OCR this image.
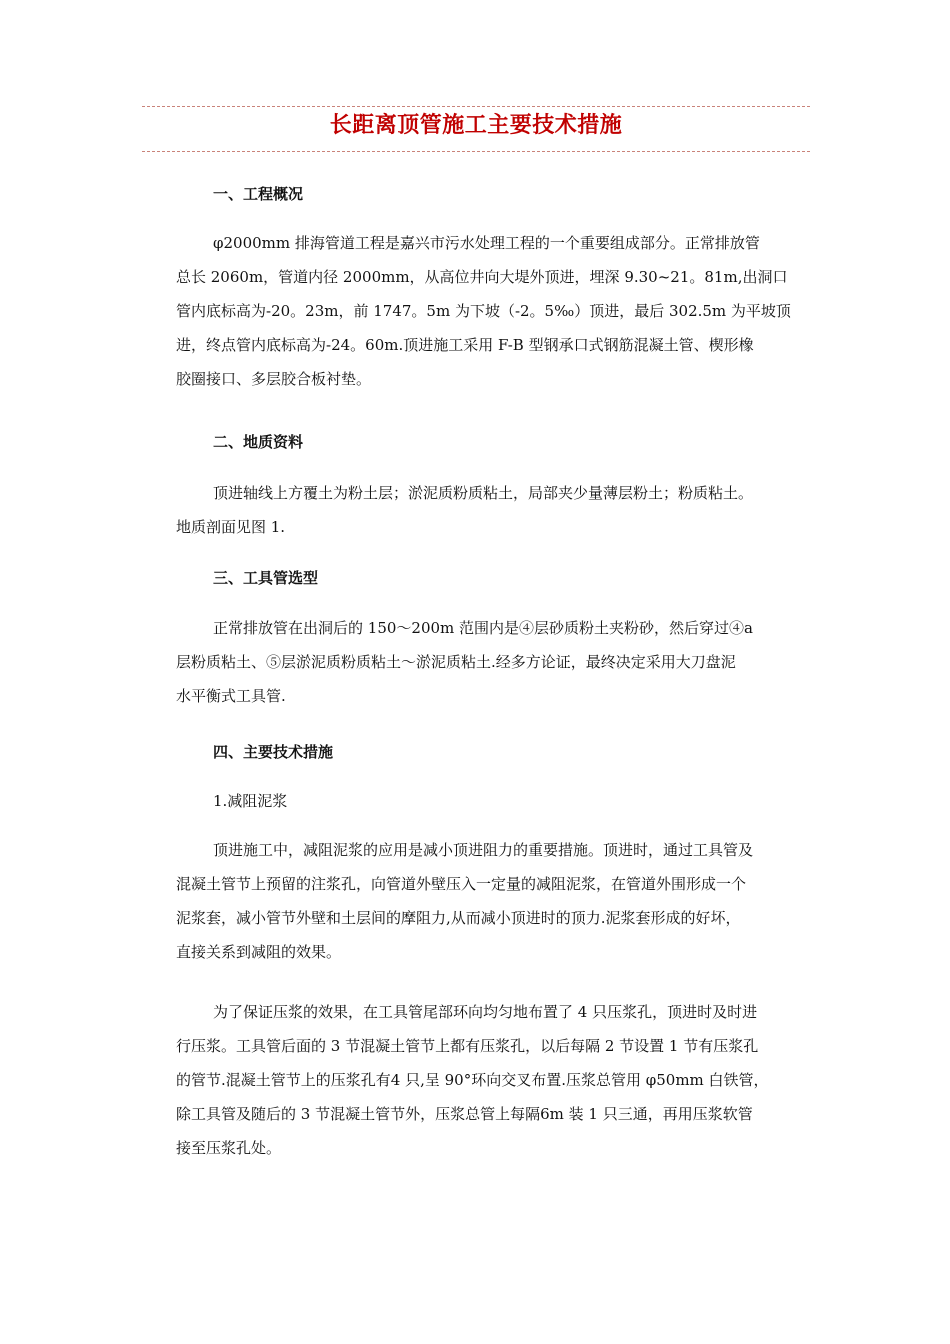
长距离顶管施工主要技术措施
一、工程概况
φ2000mm 排海管道工程是嘉兴市污水处理工程的一个重要组成部分。正常排放管
总长 2060m，管道内径 2000mm，从高位井向大堤外顶进，埋深 9.30~21。81m,出洞口
管内底标高为-20。23m，前 1747。5m 为下坡（-2。5‰）顶进，最后 302.5m 为平坡顶
进，终点管内底标高为-24。60m.顶进施工采用 F-B 型钢承口式钢筋混凝土管、楔形橡
胶圈接口、多层胶合板衬垫。
二、地质资料
顶进轴线上方覆土为粉土层；淤泥质粉质粘土，局部夹少量薄层粉土；粉质粘土。
地质剖面见图 1.
三、工具管选型
正常排放管在出洞后的 150～200m 范围内是④层砂质粉土夹粉砂，然后穿过④a
层粉质粘土、⑤层淤泥质粉质粘土～淤泥质粘土.经多方论证，最终决定采用大刀盘泥
水平衡式工具管.
四、主要技术措施
1.减阻泥浆
顶进施工中，减阻泥浆的应用是减小顶进阻力的重要措施。顶进时，通过工具管及
混凝土管节上预留的注浆孔，向管道外壁压入一定量的减阻泥浆，在管道外围形成一个
泥浆套，减小管节外壁和土层间的摩阻力,从而减小顶进时的顶力.泥浆套形成的好坏，
直接关系到减阻的效果。
为了保证压浆的效果，在工具管尾部环向均匀地布置了 4 只压浆孔，顶进时及时进
行压浆。工具管后面的 3 节混凝土管节上都有压浆孔，以后每隔 2 节设置 1 节有压浆孔
的管节.混凝土管节上的压浆孔有4 只,呈 90°环向交叉布置.压浆总管用 φ50mm 白铁管，
除工具管及随后的 3 节混凝土管节外，压浆总管上每隔6m 装 1 只三通，再用压浆软管
接至压浆孔处。
